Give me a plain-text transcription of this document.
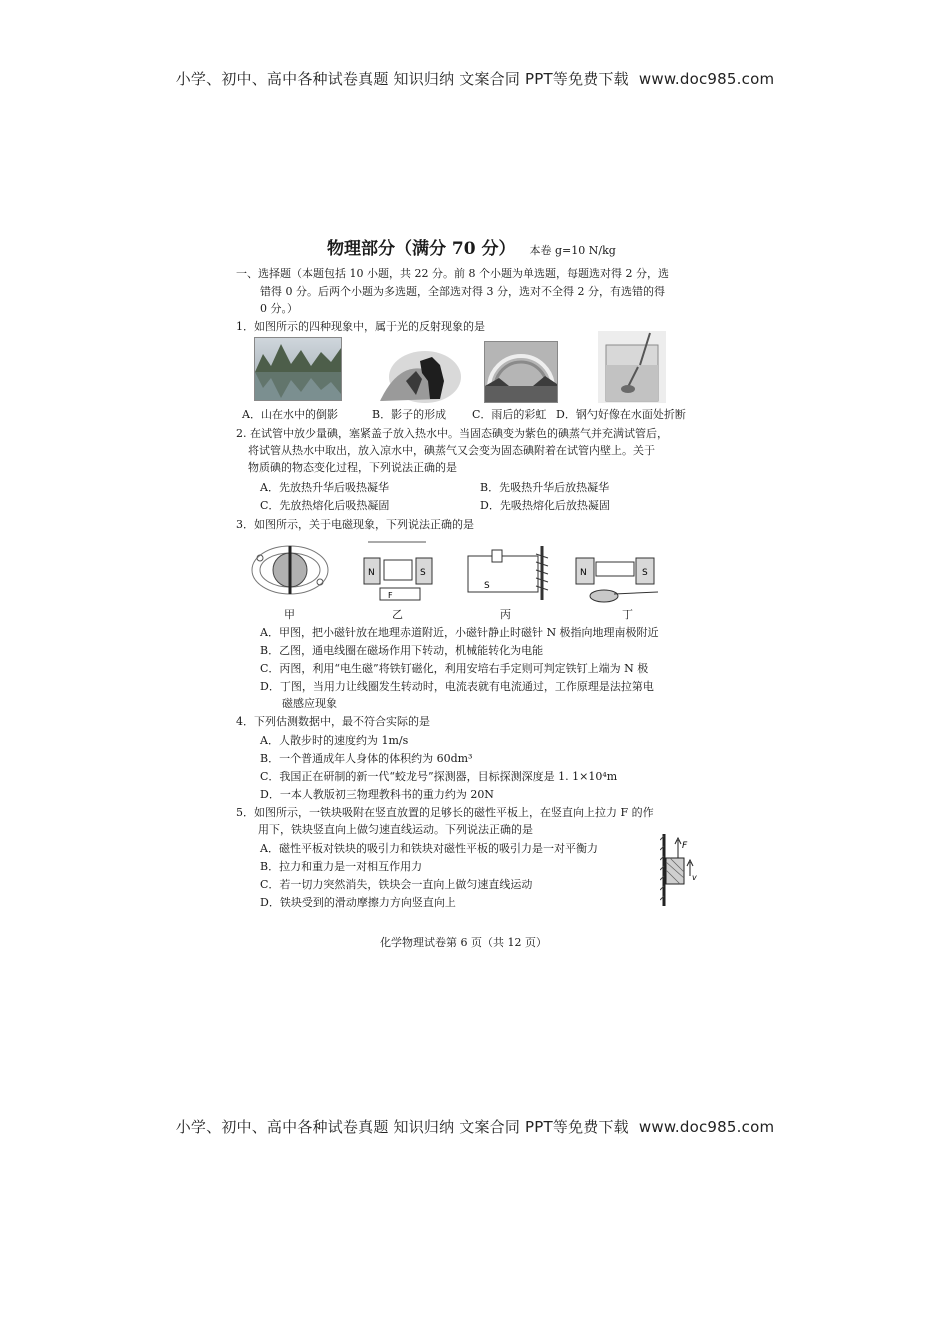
小学、初中、高中各种试卷真题 知识归纳 文案合同 PPT等免费下载 www.doc985.com
物理部分（满分 70 分） 本卷 g=10 N/kg
一、选择题（本题包括 10 小题，共 22 分。前 8 个小题为单选题，每题选对得 2 分，选
错得 0 分。后两个小题为多选题，全部选对得 3 分，选对不全得 2 分，有选错的得
0 分。）
1．如图所示的四种现象中，属于光的反射现象的是
A．山在水中的倒影	B．影子的形成 C．雨后的彩虹 D．钢勺好像在水面处折断
2. 在试管中放少量碘，塞紧盖子放入热水中。当固态碘变为紫色的碘蒸气并充满试管后，
将试管从热水中取出，放入凉水中，碘蒸气又会变为固态碘附着在试管内壁上。关于
物质碘的物态变化过程，下列说法正确的是
A．先放热升华后吸热凝华	B．先吸热升华后放热凝华
C．先放热熔化后吸热凝固	D．先吸热熔化后放热凝固
3．如图所示，关于电磁现象，下列说法正确的是
N	S
F
S
N	S
甲	乙	丙	丁
A．甲图，把小磁针放在地理赤道附近，小磁针静止时磁针 N 极指向地理南极附近
B．乙图，通电线圈在磁场作用下转动，机械能转化为电能
C．丙图，利用“电生磁”将铁钉磁化，利用安培右手定则可判定铁钉上端为 N 极
D．丁图，当用力让线圈发生转动时，电流表就有电流通过，工作原理是法拉第电
磁感应现象
4．下列估测数据中，最不符合实际的是
A．人散步时的速度约为 1m/s
B．一个普通成年人身体的体积约为 60dm³
C．我国正在研制的新一代“蛟龙号”探测器，目标探测深度是 1. 1×10⁴m
D．一本人教版初三物理教科书的重力约为 20N
5．如图所示，一铁块吸附在竖直放置的足够长的磁性平板上，在竖直向上拉力 F 的作
用下，铁块竖直向上做匀速直线运动。下列说法正确的是
A．磁性平板对铁块的吸引力和铁块对磁性平板的吸引力是一对平衡力
B．拉力和重力是一对相互作用力
C．若一切力突然消失，铁块会一直向上做匀速直线运动
D．铁块受到的滑动摩擦力方向竖直向上
F
v
化学物理试卷第 6 页（共 12 页）
小学、初中、高中各种试卷真题 知识归纳 文案合同 PPT等免费下载 www.doc985.com
